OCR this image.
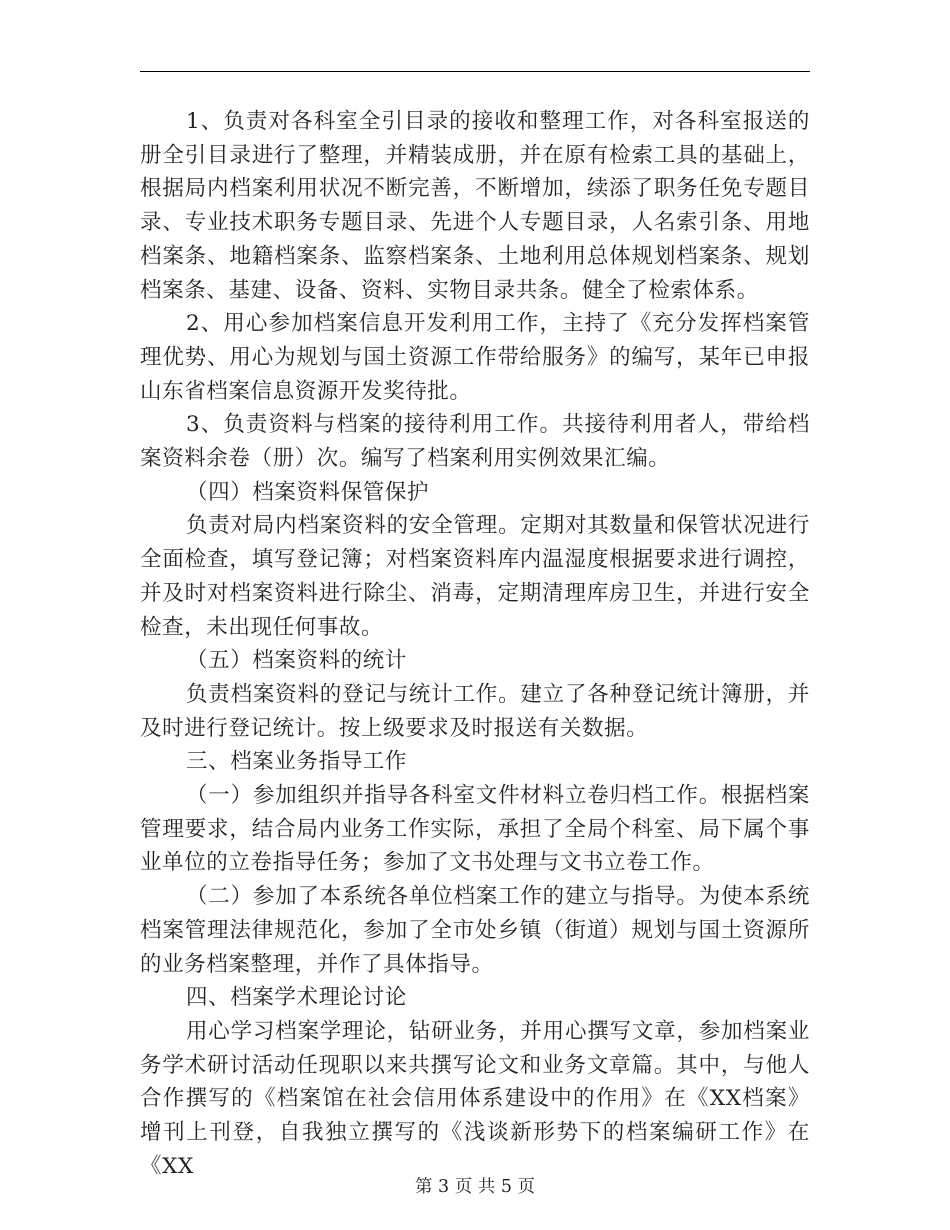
1、负责对各科室全引目录的接收和整理工作，对各科室报送的册全引目录进行了整理，并精装成册，并在原有检索工具的基础上，根据局内档案利用状况不断完善，不断增加，续添了职务任免专题目录、专业技术职务专题目录、先进个人专题目录，人名索引条、用地档案条、地籍档案条、监察档案条、土地利用总体规划档案条、规划档案条、基建、设备、资料、实物目录共条。健全了检索体系。

2、用心参加档案信息开发利用工作，主持了《充分发挥档案管理优势、用心为规划与国土资源工作带给服务》的编写，某年已申报山东省档案信息资源开发奖待批。

3、负责资料与档案的接待利用工作。共接待利用者人，带给档案资料余卷（册）次。编写了档案利用实例效果汇编。

（四）档案资料保管保护

负责对局内档案资料的安全管理。定期对其数量和保管状况进行全面检查，填写登记簿；对档案资料库内温湿度根据要求进行调控，并及时对档案资料进行除尘、消毒，定期清理库房卫生，并进行安全检查，未出现任何事故。

（五）档案资料的统计

负责档案资料的登记与统计工作。建立了各种登记统计簿册，并及时进行登记统计。按上级要求及时报送有关数据。

三、档案业务指导工作

（一）参加组织并指导各科室文件材料立卷归档工作。根据档案管理要求，结合局内业务工作实际，承担了全局个科室、局下属个事业单位的立卷指导任务；参加了文书处理与文书立卷工作。

（二）参加了本系统各单位档案工作的建立与指导。为使本系统档案管理法律规范化，参加了全市处乡镇（街道）规划与国土资源所的业务档案整理，并作了具体指导。

四、档案学术理论讨论

用心学习档案学理论，钻研业务，并用心撰写文章，参加档案业务学术研讨活动任现职以来共撰写论文和业务文章篇。其中，与他人合作撰写的《档案馆在社会信用体系建设中的作用》在《XX档案》增刊上刊登，自我独立撰写的《浅谈新形势下的档案编研工作》在《XX

第 3 页 共 5 页
